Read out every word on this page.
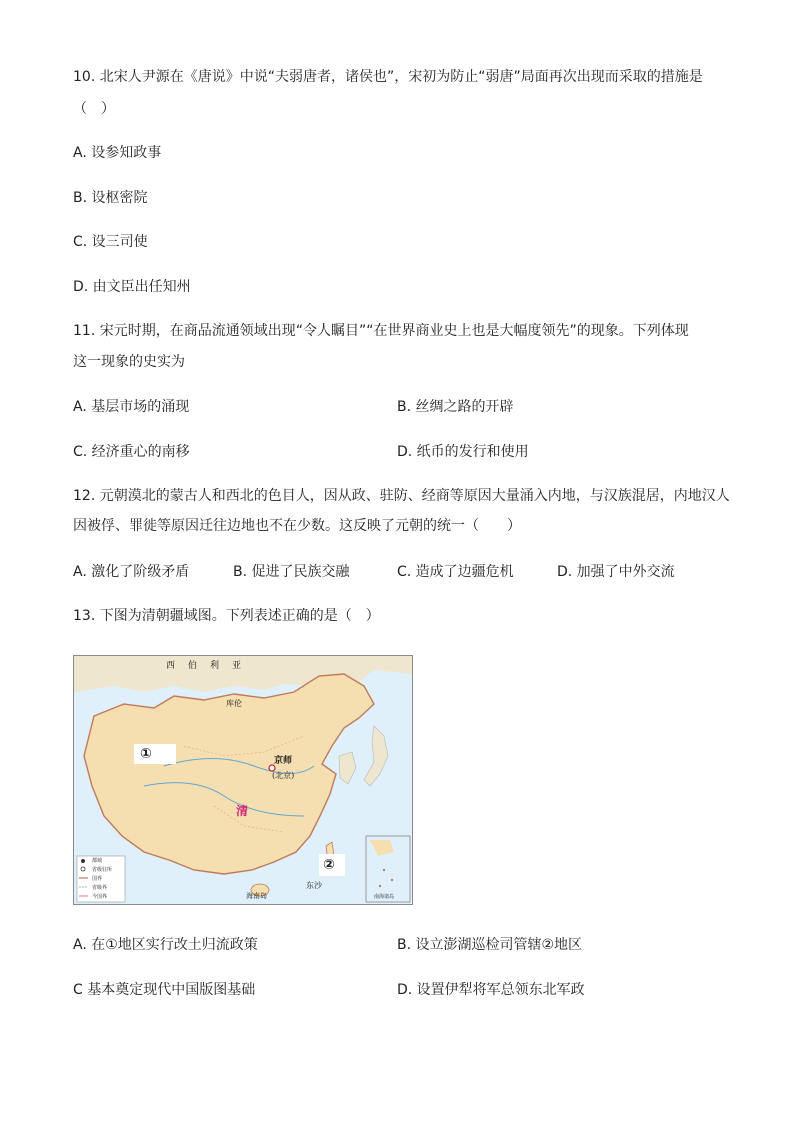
10. 北宋人尹源在《唐说》中说“夫弱唐者，诸侯也”，宋初为防止“弱唐”局面再次出现而采取的措施是
（　）
A. 设参知政事
B. 设枢密院
C. 设三司使
D. 由文臣出任知州
11. 宋元时期，在商品流通领域出现“令人瞩目”“在世界商业史上也是大幅度领先”的现象。下列体现
这一现象的史实为
A. 基层市场的涌现	B. 丝绸之路的开辟
C. 经济重心的南移	D. 纸币的发行和使用
12. 元朝漠北的蒙古人和西北的色目人，因从政、驻防、经商等原因大量涌入内地，与汉族混居，内地汉人
因被俘、罪徙等原因迁往边地也不在少数。这反映了元朝的统一（　　）
A. 激化了阶级矛盾	B. 促进了民族交融	C. 造成了边疆危机	D. 加强了中外交流
13. 下图为清朝疆域图。下列表述正确的是（　）
西　伯　利　亚
库伦
①	京师
(北京)
清
②
东沙
海南岛	南海诸岛
都城
省级驻所
国界
省级界
今国界
A. 在①地区实行改土归流政策	B. 设立澎湖巡检司管辖②地区
C 基本奠定现代中国版图基础	D. 设置伊犁将军总领东北军政
